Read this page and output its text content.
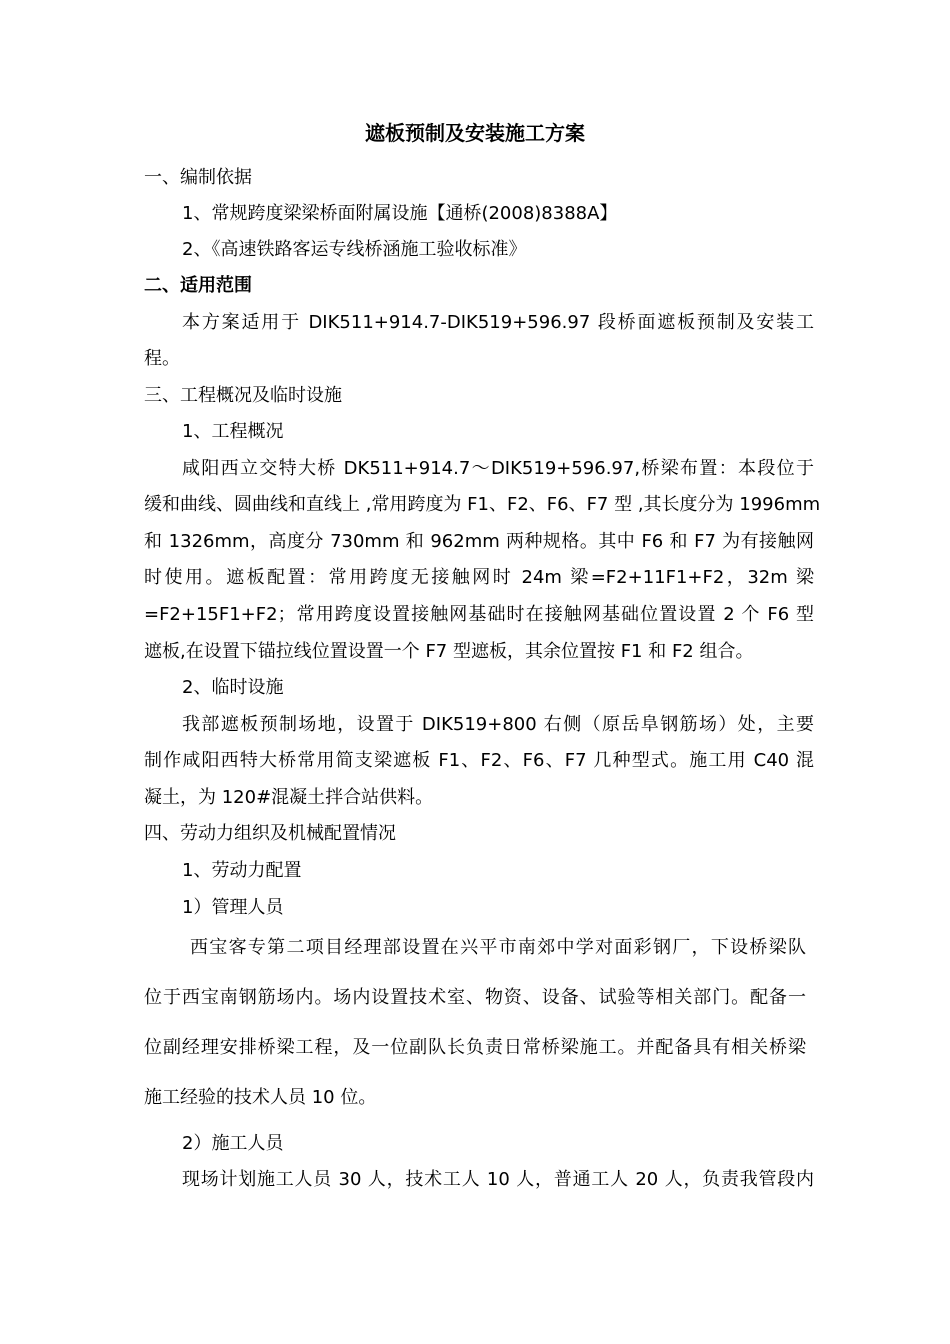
遮板预制及安装施工方案
一、编制依据
1、常规跨度梁梁桥面附属设施【通桥(2008)8388A】
2、《高速铁路客运专线桥涵施工验收标准》
二、适用范围
本方案适用于 DIK511+914.7-DIK519+596.97 段桥面遮板预制及安装工
程。
三、工程概况及临时设施
1、工程概况
咸阳西立交特大桥 DK511+914.7～DIK519+596.97,桥梁布置：本段位于
缓和曲线、圆曲线和直线上 ,常用跨度为 F1、F2、F6、F7 型 ,其长度分为 1996mm
和 1326mm，高度分 730mm 和 962mm 两种规格。其中 F6 和 F7 为有接触网
时使用。遮板配置：常用跨度无接触网时 24m 梁=F2+11F1+F2，32m 梁
=F2+15F1+F2；常用跨度设置接触网基础时在接触网基础位置设置 2 个 F6 型
遮板,在设置下锚拉线位置设置一个 F7 型遮板，其余位置按 F1 和 F2 组合。
2、临时设施
我部遮板预制场地，设置于 DIK519+800 右侧（原岳阜钢筋场）处，主要
制作咸阳西特大桥常用简支梁遮板 F1、F2、F6、F7 几种型式。施工用 C40 混
凝土，为 120#混凝土拌合站供料。
四、劳动力组织及机械配置情况
1、劳动力配置
1）管理人员
西宝客专第二项目经理部设置在兴平市南郊中学对面彩钢厂，下设桥梁队
位于西宝南钢筋场内。场内设置技术室、物资、设备、试验等相关部门。配备一
位副经理安排桥梁工程，及一位副队长负责日常桥梁施工。并配备具有相关桥梁
施工经验的技术人员 10 位。
2）施工人员
现场计划施工人员 30 人，技术工人 10 人，普通工人 20 人，负责我管段内
